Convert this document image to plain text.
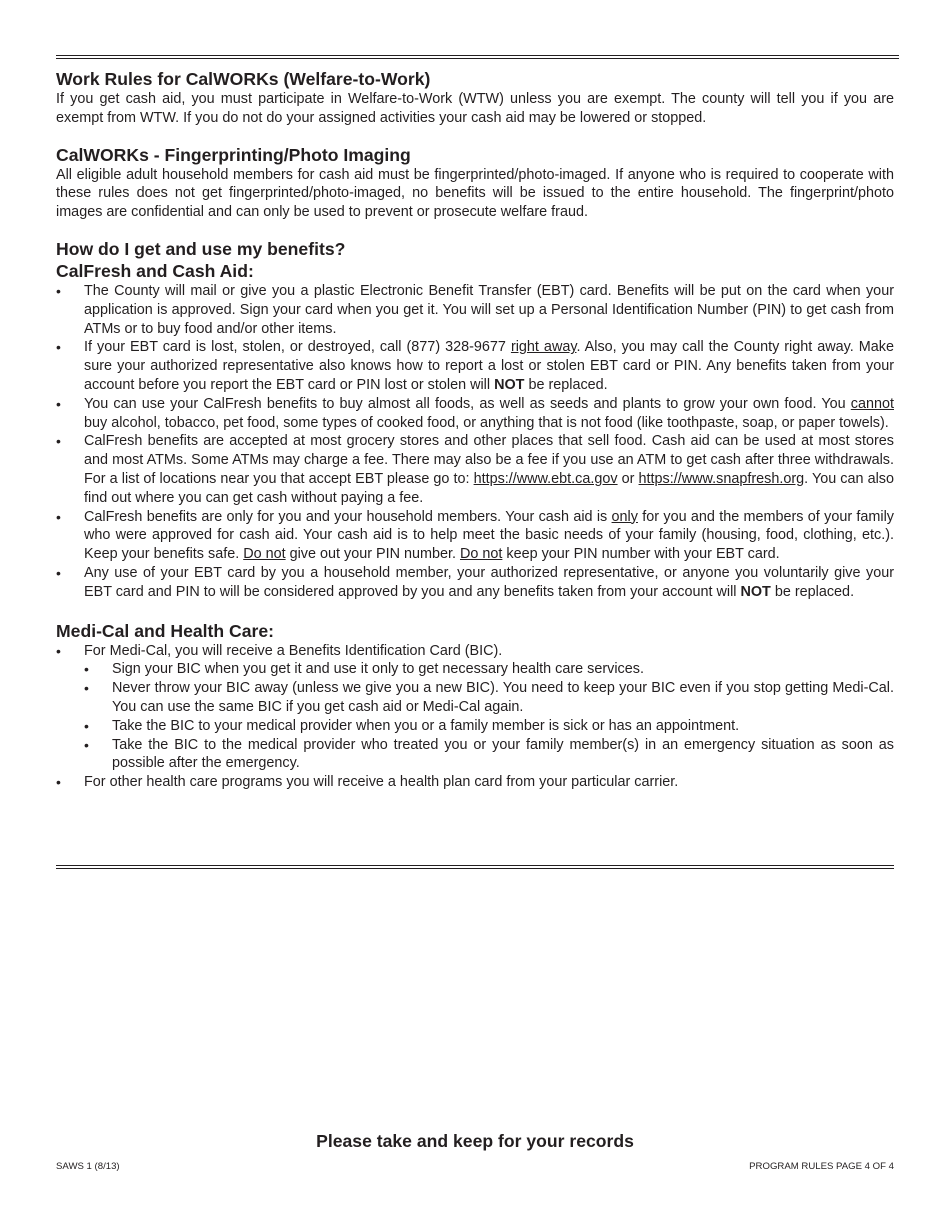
Work Rules for CalWORKs (Welfare-to-Work)

If you get cash aid, you must participate in Welfare-to-Work (WTW) unless you are exempt. The county will tell you if you are exempt from WTW. If you do not do your assigned activities your cash aid may be lowered or stopped.

CalWORKs - Fingerprinting/Photo Imaging

All eligible adult household members for cash aid must be fingerprinted/photo-imaged. If anyone who is required to cooperate with these rules does not get fingerprinted/photo-imaged, no benefits will be issued to the entire household. The fingerprint/photo images are confidential and can only be used to prevent or prosecute welfare fraud.

How do I get and use my benefits?
CalFresh and Cash Aid:
• The County will mail or give you a plastic Electronic Benefit Transfer (EBT) card. Benefits will be put on the card when your application is approved. Sign your card when you get it. You will set up a Personal Identification Number (PIN) to get cash from ATMs or to buy food and/or other items.
• If your EBT card is lost, stolen, or destroyed, call (877) 328-9677 right away. Also, you may call the County right away. Make sure your authorized representative also knows how to report a lost or stolen EBT card or PIN. Any benefits taken from your account before you report the EBT card or PIN lost or stolen will NOT be replaced.
• You can use your CalFresh benefits to buy almost all foods, as well as seeds and plants to grow your own food. You cannot buy alcohol, tobacco, pet food, some types of cooked food, or anything that is not food (like toothpaste, soap, or paper towels).
• CalFresh benefits are accepted at most grocery stores and other places that sell food. Cash aid can be used at most stores and most ATMs. Some ATMs may charge a fee. There may also be a fee if you use an ATM to get cash after three withdrawals. For a list of locations near you that accept EBT please go to: https://www.ebt.ca.gov or https://www.snapfresh.org. You can also find out where you can get cash without paying a fee.
• CalFresh benefits are only for you and your household members. Your cash aid is only for you and the members of your family who were approved for cash aid. Your cash aid is to help meet the basic needs of your family (housing, food, clothing, etc.). Keep your benefits safe. Do not give out your PIN number. Do not keep your PIN number with your EBT card.
• Any use of your EBT card by you a household member, your authorized representative, or anyone you voluntarily give your EBT card and PIN to will be considered approved by you and any benefits taken from your account will NOT be replaced.
Medi-Cal and Health Care:
• For Medi-Cal, you will receive a Benefits Identification Card (BIC).
• Sign your BIC when you get it and use it only to get necessary health care services.
• Never throw your BIC away (unless we give you a new BIC). You need to keep your BIC even if you stop getting Medi-Cal. You can use the same BIC if you get cash aid or Medi-Cal again.
• Take the BIC to your medical provider when you or a family member is sick or has an appointment.
• Take the BIC to the medical provider who treated you or your family member(s) in an emergency situation as soon as possible after the emergency.
• For other health care programs you will receive a health plan card from your particular carrier.
Please take and keep for your records
SAWS 1 (8/13)	PROGRAM RULES PAGE 4 OF 4
